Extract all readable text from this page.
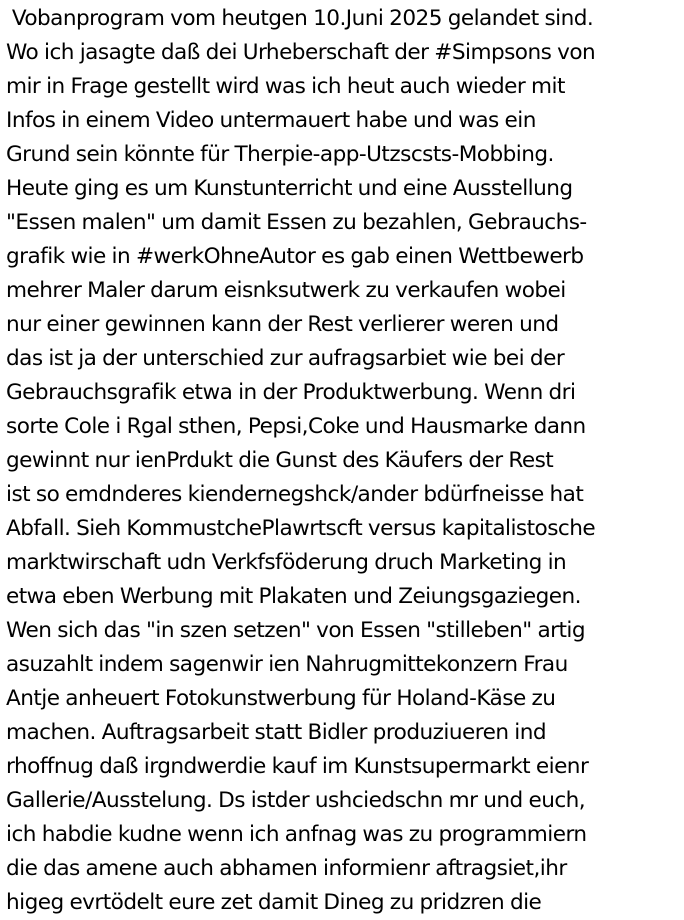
Vobanprogram vom heutgen 10.Juni 2025 gelandet sind.
Wo ich jasagte daß dei Urheberschaft der #Simpsons von
mir in Frage gestellt wird was ich heut auch wieder mit
Infos in einem Video untermauert habe und was ein
Grund sein könnte für Therpie-app-Utzscsts-Mobbing.
Heute ging es um Kunstunterricht und eine Ausstellung
"Essen malen" um damit Essen zu bezahlen, Gebrauchs-
grafik wie in #werkOhneAutor es gab einen Wettbewerb
mehrer Maler darum eisnksutwerk zu verkaufen wobei
nur einer gewinnen kann der Rest verlierer weren und
das ist ja der unterschied zur aufragsarbiet wie bei der
Gebrauchsgrafik etwa in der Produktwerbung. Wenn dri
sorte Cole i Rgal sthen, Pepsi,Coke und Hausmarke dann
gewinnt nur ienPrdukt die Gunst des Käufers der Rest
ist so emdnderes kiendernegshck/ander bdürfneisse hat
Abfall. Sieh KommustchePlawrtscft versus kapitalistosche
marktwirschaft udn Verkfsföderung druch Marketing in
etwa eben Werbung mit Plakaten und Zeiungsgaziegen.
Wen sich das "in szen setzen" von Essen "stilleben" artig
asuzahlt indem sagenwir ien Nahrugmittekonzern Frau
Antje anheuert Fotokunstwerbung für Holand-Käse zu
machen. Auftragsarbeit statt Bidler produziueren ind
rhoffnug daß irgndwerdie kauf im Kunstsupermarkt eienr
Gallerie/Ausstelung. Ds istder ushciedschn mr und euch,
ich habdie kudne wenn ich anfnag was zu programmiern
die das amene auch abhamen informienr aftragsiet,ihr
higeg evrtödelt eure zet damit Dineg zu pridzren die
